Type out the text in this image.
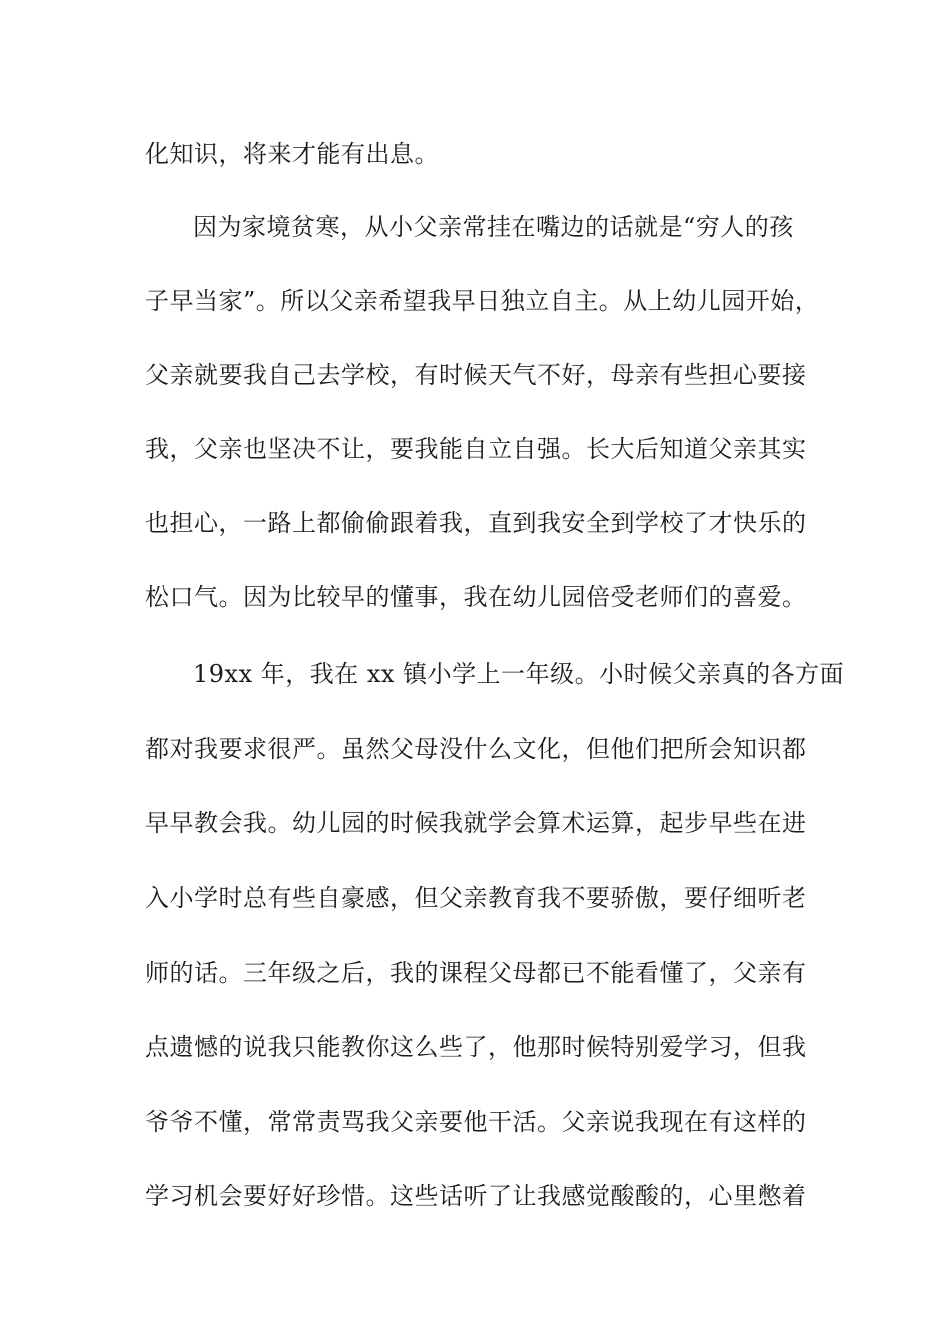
化知识，将来才能有出息。
因为家境贫寒，从小父亲常挂在嘴边的话就是“穷人的孩
子早当家”。所以父亲希望我早日独立自主。从上幼儿园开始，
父亲就要我自己去学校，有时候天气不好，母亲有些担心要接
我，父亲也坚决不让，要我能自立自强。长大后知道父亲其实
也担心，一路上都偷偷跟着我，直到我安全到学校了才快乐的
松口气。因为比较早的懂事，我在幼儿园倍受老师们的喜爱。
19xx 年，我在 xx 镇小学上一年级。小时候父亲真的各方面
都对我要求很严。虽然父母没什么文化，但他们把所会知识都
早早教会我。幼儿园的时候我就学会算术运算，起步早些在进
入小学时总有些自豪感，但父亲教育我不要骄傲，要仔细听老
师的话。三年级之后，我的课程父母都已不能看懂了，父亲有
点遗憾的说我只能教你这么些了，他那时候特别爱学习，但我
爷爷不懂，常常责骂我父亲要他干活。父亲说我现在有这样的
学习机会要好好珍惜。这些话听了让我感觉酸酸的，心里憋着
